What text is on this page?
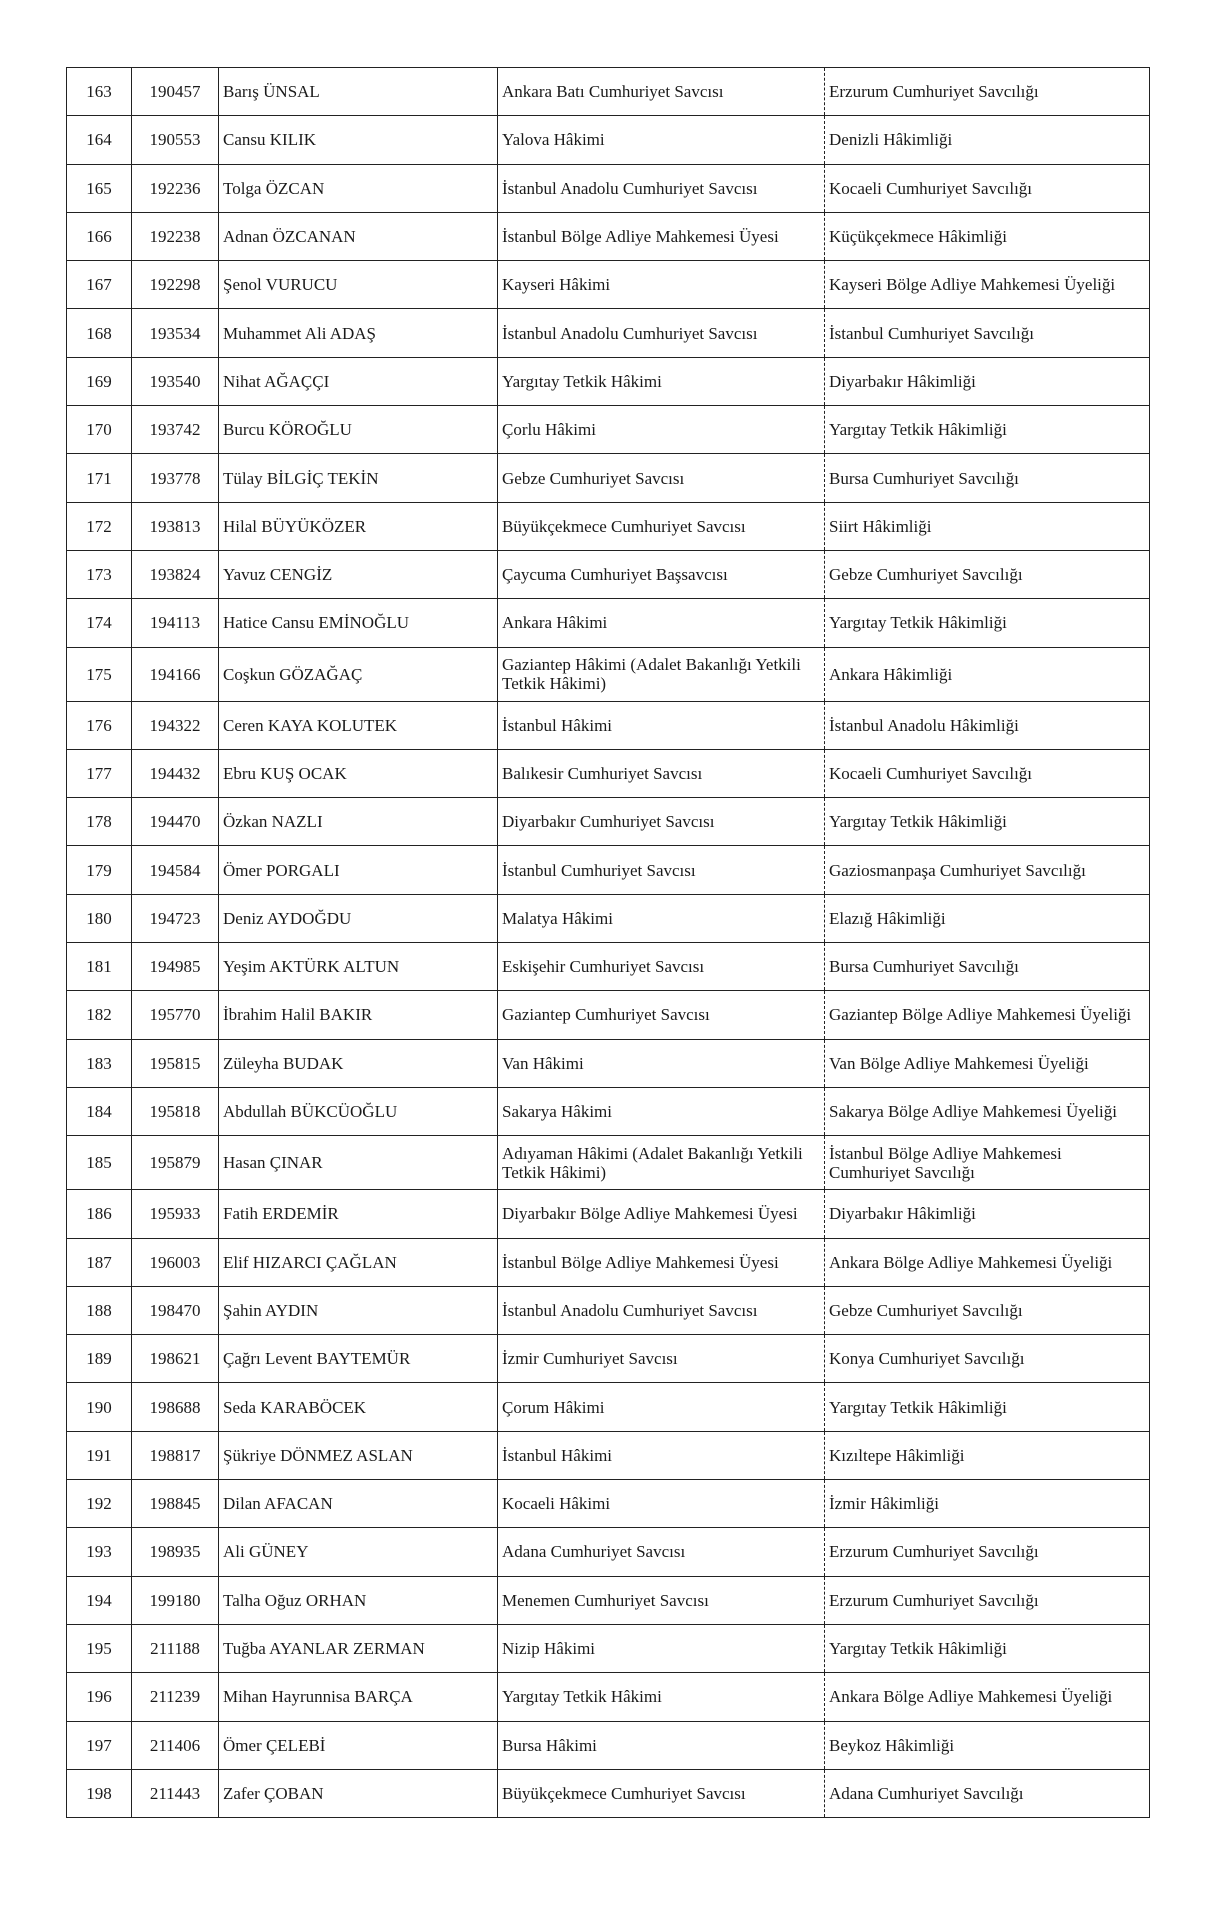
163	190457	Barış ÜNSAL	Ankara Batı Cumhuriyet Savcısı	Erzurum Cumhuriyet Savcılığı
164	190553	Cansu KILIK	Yalova Hâkimi	Denizli Hâkimliği
165	192236	Tolga ÖZCAN	İstanbul Anadolu Cumhuriyet Savcısı	Kocaeli Cumhuriyet Savcılığı
166	192238	Adnan ÖZCANAN	İstanbul Bölge Adliye Mahkemesi Üyesi	Küçükçekmece Hâkimliği
167	192298	Şenol VURUCU	Kayseri Hâkimi	Kayseri Bölge Adliye Mahkemesi Üyeliği
168	193534	Muhammet Ali ADAŞ	İstanbul Anadolu Cumhuriyet Savcısı	İstanbul Cumhuriyet Savcılığı
169	193540	Nihat AĞAÇÇI	Yargıtay Tetkik Hâkimi	Diyarbakır Hâkimliği
170	193742	Burcu KÖROĞLU	Çorlu Hâkimi	Yargıtay Tetkik Hâkimliği
171	193778	Tülay BİLGİÇ TEKİN	Gebze Cumhuriyet Savcısı	Bursa Cumhuriyet Savcılığı
172	193813	Hilal BÜYÜKÖZER	Büyükçekmece Cumhuriyet Savcısı	Siirt Hâkimliği
173	193824	Yavuz CENGİZ	Çaycuma Cumhuriyet Başsavcısı	Gebze Cumhuriyet Savcılığı
174	194113	Hatice Cansu EMİNOĞLU	Ankara Hâkimi	Yargıtay Tetkik Hâkimliği
175	194166	Coşkun GÖZAĞAÇ	Gaziantep Hâkimi (Adalet Bakanlığı Yetkili Tetkik Hâkimi)	Ankara Hâkimliği
176	194322	Ceren KAYA KOLUTEK	İstanbul Hâkimi	İstanbul Anadolu Hâkimliği
177	194432	Ebru KUŞ OCAK	Balıkesir Cumhuriyet Savcısı	Kocaeli Cumhuriyet Savcılığı
178	194470	Özkan NAZLI	Diyarbakır Cumhuriyet Savcısı	Yargıtay Tetkik Hâkimliği
179	194584	Ömer PORGALI	İstanbul Cumhuriyet Savcısı	Gaziosmanpaşa Cumhuriyet Savcılığı
180	194723	Deniz AYDOĞDU	Malatya Hâkimi	Elazığ Hâkimliği
181	194985	Yeşim AKTÜRK ALTUN	Eskişehir Cumhuriyet Savcısı	Bursa Cumhuriyet Savcılığı
182	195770	İbrahim Halil BAKIR	Gaziantep Cumhuriyet Savcısı	Gaziantep Bölge Adliye Mahkemesi Üyeliği
183	195815	Züleyha BUDAK	Van Hâkimi	Van Bölge Adliye Mahkemesi Üyeliği
184	195818	Abdullah BÜKCÜOĞLU	Sakarya Hâkimi	Sakarya Bölge Adliye Mahkemesi Üyeliği
185	195879	Hasan ÇINAR	Adıyaman Hâkimi (Adalet Bakanlığı Yetkili Tetkik Hâkimi)	İstanbul Bölge Adliye Mahkemesi Cumhuriyet Savcılığı
186	195933	Fatih ERDEMİR	Diyarbakır Bölge Adliye Mahkemesi Üyesi	Diyarbakır Hâkimliği
187	196003	Elif HIZARCI ÇAĞLAN	İstanbul Bölge Adliye Mahkemesi Üyesi	Ankara Bölge Adliye Mahkemesi Üyeliği
188	198470	Şahin AYDIN	İstanbul Anadolu Cumhuriyet Savcısı	Gebze Cumhuriyet Savcılığı
189	198621	Çağrı Levent BAYTEMÜR	İzmir Cumhuriyet Savcısı	Konya Cumhuriyet Savcılığı
190	198688	Seda KARABÖCEK	Çorum Hâkimi	Yargıtay Tetkik Hâkimliği
191	198817	Şükriye DÖNMEZ ASLAN	İstanbul Hâkimi	Kızıltepe Hâkimliği
192	198845	Dilan AFACAN	Kocaeli Hâkimi	İzmir Hâkimliği
193	198935	Ali GÜNEY	Adana Cumhuriyet Savcısı	Erzurum Cumhuriyet Savcılığı
194	199180	Talha Oğuz ORHAN	Menemen Cumhuriyet Savcısı	Erzurum Cumhuriyet Savcılığı
195	211188	Tuğba AYANLAR ZERMAN	Nizip Hâkimi	Yargıtay Tetkik Hâkimliği
196	211239	Mihan Hayrunnisa BARÇA	Yargıtay Tetkik Hâkimi	Ankara Bölge Adliye Mahkemesi Üyeliği
197	211406	Ömer ÇELEBİ	Bursa Hâkimi	Beykoz Hâkimliği
198	211443	Zafer ÇOBAN	Büyükçekmece Cumhuriyet Savcısı	Adana Cumhuriyet Savcılığı
